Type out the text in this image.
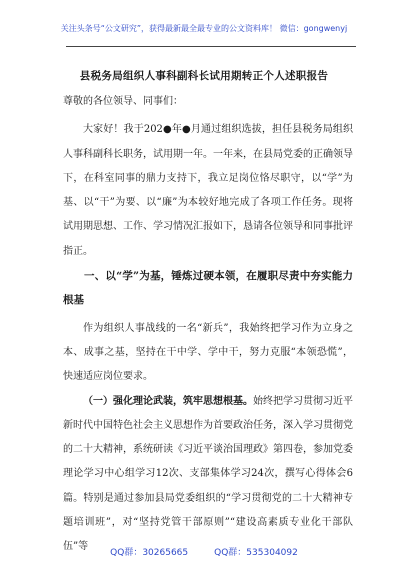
关注头条号“公文研究”，获得最新最全最专业的公文资料库！ 微信：gongwenyj
县税务局组织人事科副科长试用期转正个人述职报告

尊敬的各位领导、同事们：

大家好！我于202●年●月通过组织选拔，担任县税务局组织人事科副科长职务，试用期一年。一年来，在县局党委的正确领导下，在科室同事的鼎力支持下，我立足岗位恪尽职守，以“学”为基、以“干”为要、以“廉”为本较好地完成了各项工作任务。现将试用期思想、工作、学习情况汇报如下，恳请各位领导和同事批评指正。

一、以“学”为基，锤炼过硬本领，在履职尽责中夯实能力根基

作为组织人事战线的一名“新兵”，我始终把学习作为立身之本、成事之基，坚持在干中学、学中干，努力克服“本领恐慌”，快速适应岗位要求。

（一）强化理论武装，筑牢思想根基。始终把学习贯彻习近平新时代中国特色社会主义思想作为首要政治任务，深入学习贯彻党的二十大精神，系统研读《习近平谈治国理政》第四卷，参加党委理论学习中心组学习12次、支部集体学习24次，撰写心得体会6篇。特别是通过参加县局党委组织的“学习贯彻党的二十大精神专题培训班”，对“坚持党管干部原则”“建设高素质专业化干部队伍”等

QQ群：30265665	QQ群：535304092
